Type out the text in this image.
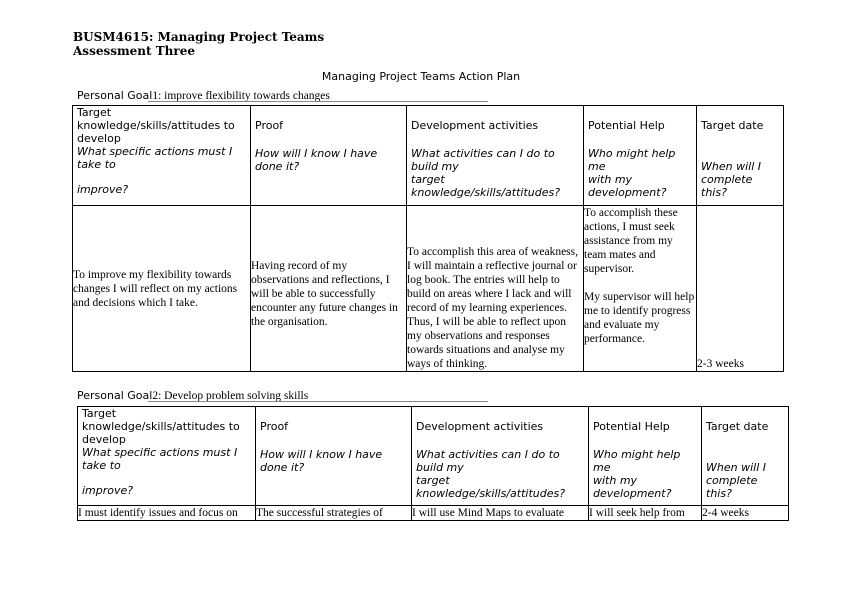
BUSM4615: Managing Project Teams
Assessment Three
Managing Project Teams Action Plan
Personal Goal1: improve flexibility towards changes
Target knowledge/skills/attitudes to develop
What specific actions must I take to
improve?	Proof
How will I know I have done it?	Development activities
What activities can I do to build my
target knowledge/skills/attitudes?	Potential Help
Who might help me
with my development?	Target date
When will I complete this?

To improve my flexibility towards changes I will reflect on my actions and decisions which I take.	Having record of my observations and reflections, I will be able to successfully encounter any future changes in the organisation.	To accomplish this area of weakness, I will maintain a reflective journal or log book. The entries will help to build on areas where I lack and will record of my learning experiences. Thus, I will be able to reflect upon my observations and responses towards situations and analyse my ways of thinking.	To accomplish these actions, I must seek assistance from my team mates and supervisor.
My supervisor will help me to identify progress and evaluate my performance.	2-3 weeks
Personal Goal2: Develop problem solving skills
Target knowledge/skills/attitudes to develop
What specific actions must I take to
improve?	Proof
How will I know I have done it?	Development activities
What activities can I do to build my
target knowledge/skills/attitudes?	Potential Help
Who might help me
with my development?	Target date
When will I complete this?

I must identify issues and focus on	The successful strategies of	I will use Mind Maps to evaluate	I will seek help from	2-4 weeks
